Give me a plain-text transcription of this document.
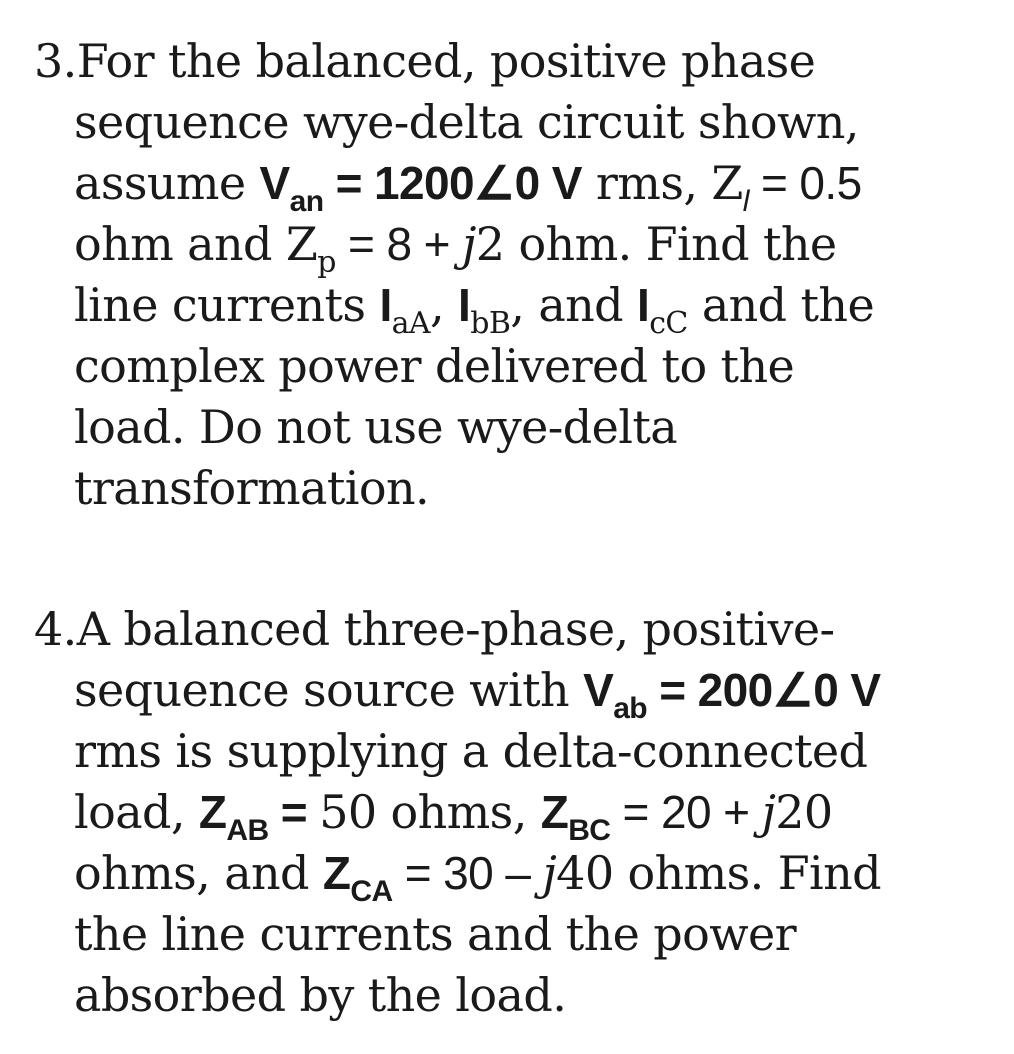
3.For the balanced, positive phase
sequence wye-delta circuit shown,
assume $V_{an}$ = 1200∠0 V rms, $Z_l = 0.5$
ohm and $Z_p = 8 + j2$ ohm. Find the
line currents $I_{aA}$, $I_{bB}$, and $I_{cC}$ and the
complex power delivered to the
load. Do not use wye-delta
transformation.
4.A balanced three-phase, positive-
sequence source with $V_{ab}$ = 200∠0 V
rms is supplying a delta-connected
load, $Z_{AB} = 50$ ohms, $Z_{BC} = 20 + j20$
ohms, and $Z_{CA} = 30 - j40$ ohms. Find
the line currents and the power
absorbed by the load.
